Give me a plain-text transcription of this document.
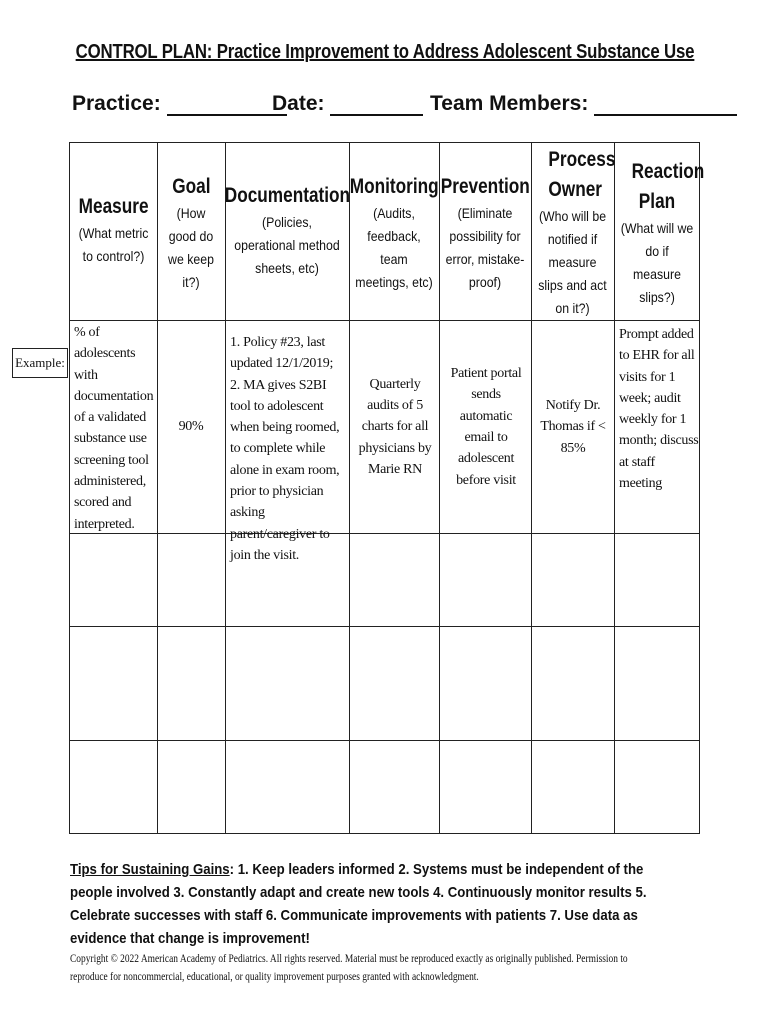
CONTROL PLAN: Practice Improvement to Address Adolescent Substance Use
Practice:	Date:	Team Members:
Measure
(What metric to control?)
Goal
(How good do we keep it?)
Documentation
(Policies, operational method sheets, etc)
Monitoring
(Audits, feedback, team meetings, etc)
Prevention
(Eliminate possibility for error, mistake-proof)
Process Owner
(Who will be notified if measure slips and act on it?)
Reaction Plan
(What will we do if measure slips?)
Example:
% of adolescents with documentation of a validated substance use screening tool administered, scored and interpreted.
90%
1. Policy #23, last updated 12/1/2019; 2. MA gives S2BI tool to adolescent when being roomed, to complete while alone in exam room, prior to physician asking parent/caregiver to join the visit.
Quarterly audits of 5 charts for all physicians by Marie RN
Patient portal sends automatic email to adolescent before visit
Notify Dr. Thomas if < 85%
Prompt added to EHR for all visits for 1 week; audit weekly for 1 month; discuss at staff meeting
Tips for Sustaining Gains: 1. Keep leaders informed 2. Systems must be independent of the people involved 3. Constantly adapt and create new tools 4. Continuously monitor results 5. Celebrate successes with staff 6. Communicate improvements with patients 7. Use data as evidence that change is improvement!
Copyright © 2022 American Academy of Pediatrics. All rights reserved. Material must be reproduced exactly as originally published. Permission to reproduce for noncommercial, educational, or quality improvement purposes granted with acknowledgment.
